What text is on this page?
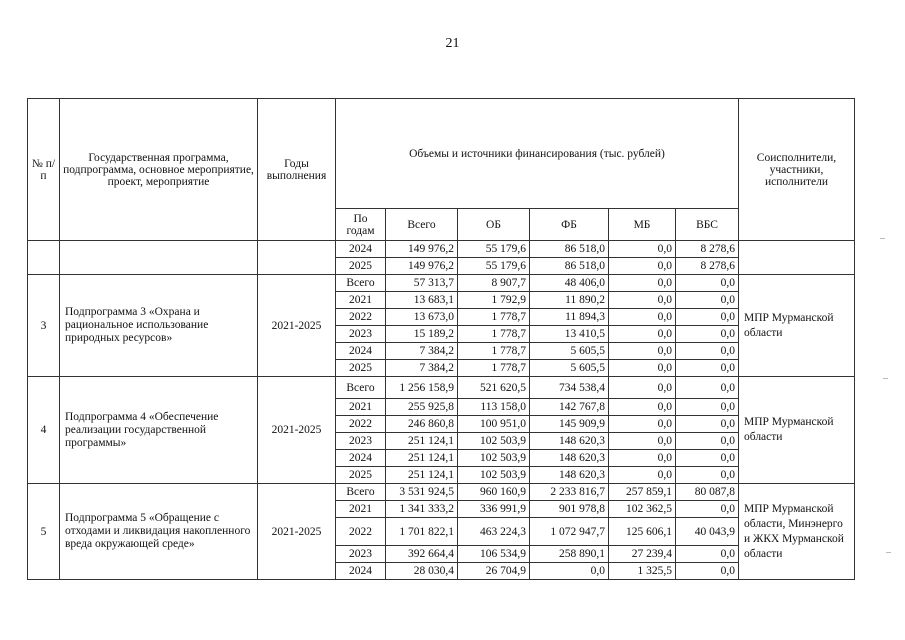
21
№ п/п	Государственная программа, подпрограмма, основное мероприятие, проект, мероприятие	Годы выполнения	Объемы и источники финансирования (тыс. рублей)						Соисполнители, участники, исполнители
			По годам	Всего	ОБ	ФБ	МБ	ВБС	
			2024	149 976,2	55 179,6	86 518,0	0,0	8 278,6	
			2025	149 976,2	55 179,6	86 518,0	0,0	8 278,6	
3	Подпрограмма 3 «Охрана и рациональное использование природных ресурсов»	2021-2025	Всего	57 313,7	8 907,7	48 406,0	0,0	0,0	МПР Мурманской области
			2021	13 683,1	1 792,9	11 890,2	0,0	0,0	
			2022	13 673,0	1 778,7	11 894,3	0,0	0,0	
			2023	15 189,2	1 778,7	13 410,5	0,0	0,0	
			2024	7 384,2	1 778,7	5 605,5	0,0	0,0	
			2025	7 384,2	1 778,7	5 605,5	0,0	0,0	
4	Подпрограмма 4 «Обеспечение реализации государственной программы»	2021-2025	Всего	1 256 158,9	521 620,5	734 538,4	0,0	0,0	МПР Мурманской области
			2021	255 925,8	113 158,0	142 767,8	0,0	0,0	
			2022	246 860,8	100 951,0	145 909,9	0,0	0,0	
			2023	251 124,1	102 503,9	148 620,3	0,0	0,0	
			2024	251 124,1	102 503,9	148 620,3	0,0	0,0	
			2025	251 124,1	102 503,9	148 620,3	0,0	0,0	
5	Подпрограмма 5 «Обращение с отходами и ликвидация накопленного вреда окружающей среде»	2021-2025	Всего	3 531 924,5	960 160,9	2 233 816,7	257 859,1	80 087,8	МПР Мурманской области, Минэнерго и ЖКХ Мурманской области
			2021	1 341 333,2	336 991,9	901 978,8	102 362,5	0,0	
			2022	1 701 822,1	463 224,3	1 072 947,7	125 606,1	40 043,9	
			2023	392 664,4	106 534,9	258 890,1	27 239,4	0,0	
			2024	28 030,4	26 704,9	0,0	1 325,5	0,0	
